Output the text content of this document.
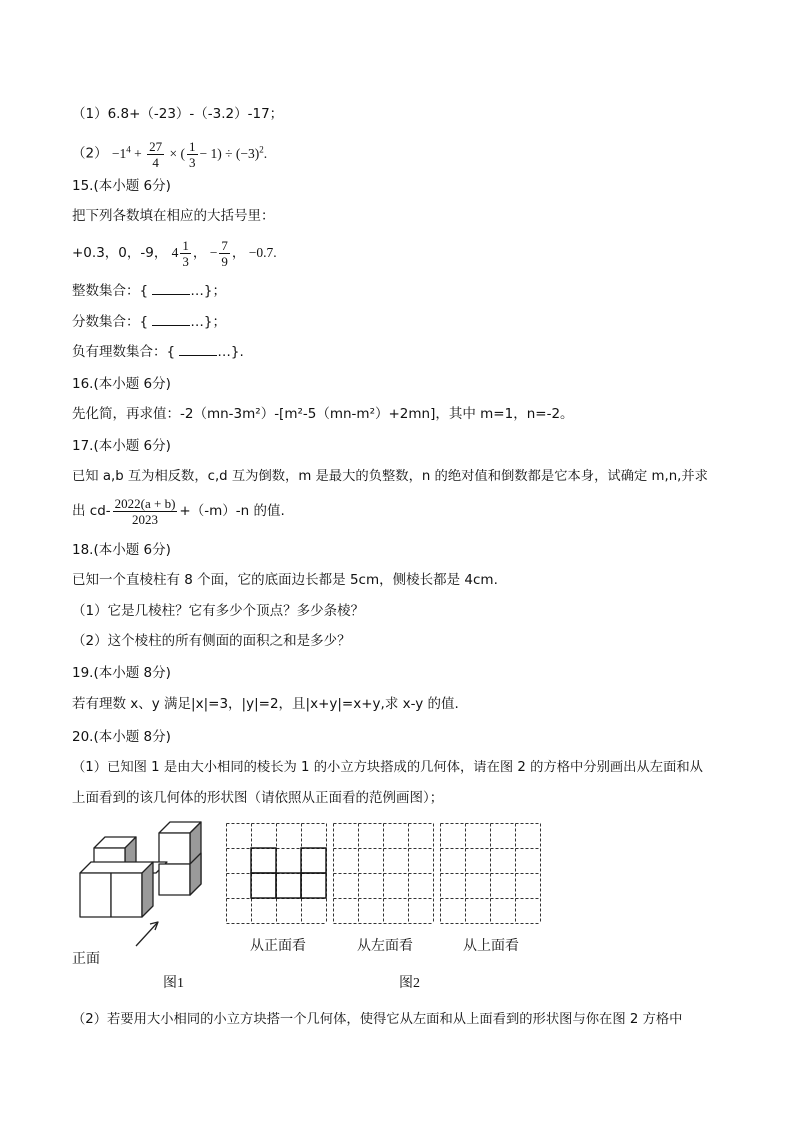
（1）6.8+（-23）-（-3.2）-17；
$(2) -1^4 + \frac{27}{4}$ × ( $\frac{1}{3} - 1) \div (-3)^2$.
15.(本小题 6分)
把下列各数填在相应的大括号里：
+0.3，0，-9， $4 \frac{1}{3}$ ， − $\frac{7}{9}$ ， −0.7.
整数集合：{	…}；
分数集合：{	…}；
负有理数集合：{	…}.
16.(本小题 6分)
先化简，再求值：-2（mn-3m²）-[m²-5（mn-m²）+2mn]，其中 m=1，n=-2。
17.(本小题 6分)
已知 a,b 互为相反数，c,d 互为倒数，m 是最大的负整数，n 的绝对值和倒数都是它本身，试确定 m,n,并求
出 $cd- \frac{2022(a + b)}{2023} +(-m)-n$ 的值.
18.(本小题 6分)
已知一个直棱柱有 8 个面，它的底面边长都是 5cm，侧棱长都是 4cm.
（1）它是几棱柱？它有多少个顶点？多少条棱？
（2）这个棱柱的所有侧面的面积之和是多少？
19.(本小题 8分)
若有理数 x、y 满足|x|=3，|y|=2，且|x+y|=x+y,求 x-y 的值.
20.(本小题 8分)
（1）已知图 1 是由大小相同的棱长为 1 的小立方块搭成的几何体，请在图 2 的方格中分别画出从左面和从
上面看到的该几何体的形状图（请依照从正面看的范例画图）；
正面
图1
从正面看	从左面看	从上面看
图2
（2）若要用大小相同的小立方块搭一个几何体，使得它从左面和从上面看到的形状图与你在图 2 方格中
